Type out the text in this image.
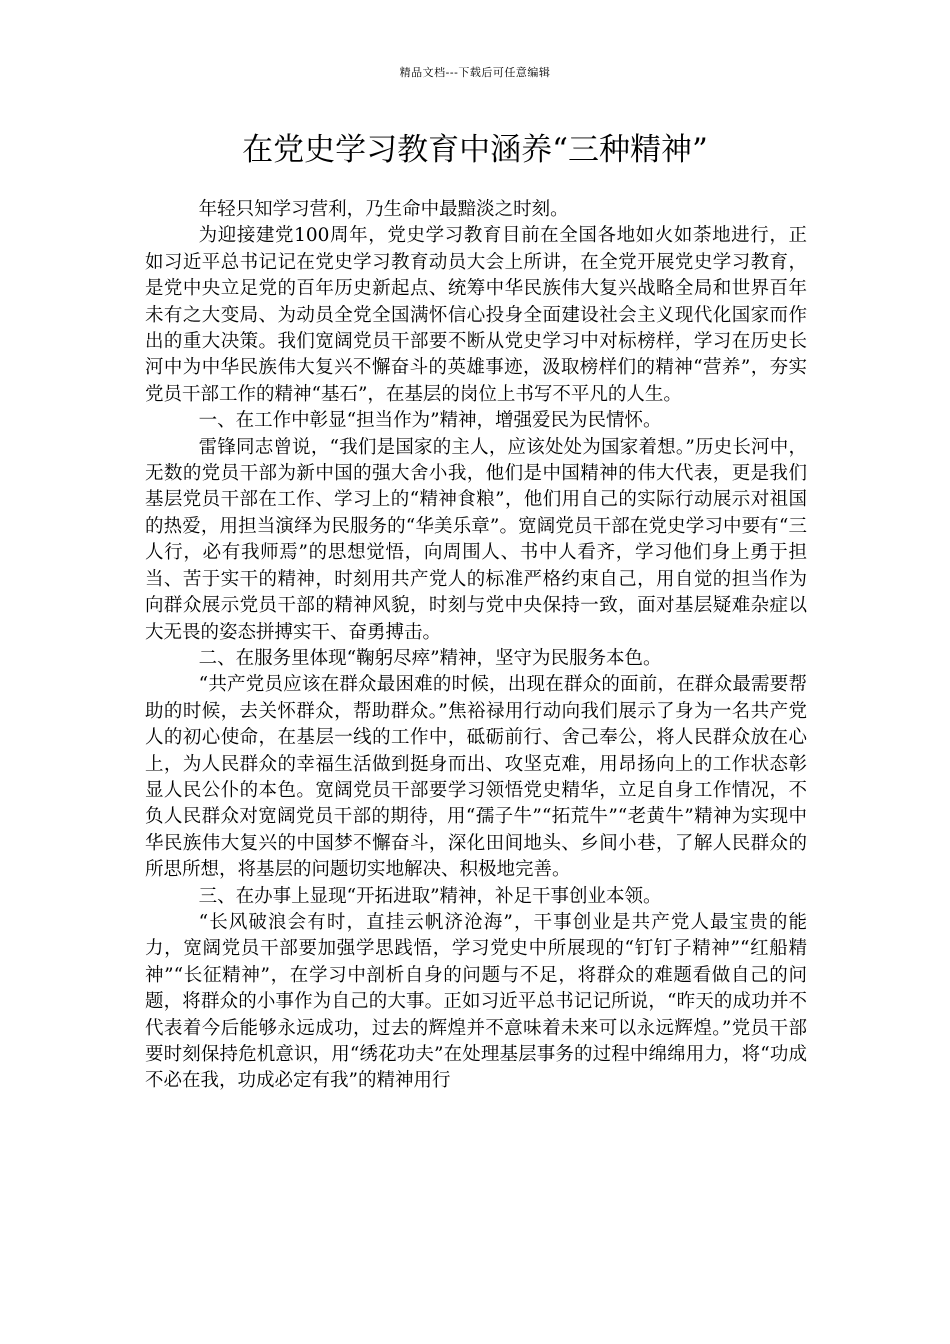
精品文档---下载后可任意编辑
在党史学习教育中涵养“三种精神”

年轻只知学习营利，乃生命中最黯淡之时刻。

为迎接建党100周年，党史学习教育目前在全国各地如火如荼地进行，正如习近平总书记记在党史学习教育动员大会上所讲，在全党开展党史学习教育，是党中央立足党的百年历史新起点、统筹中华民族伟大复兴战略全局和世界百年未有之大变局、为动员全党全国满怀信心投身全面建设社会主义现代化国家而作出的重大决策。我们宽阔党员干部要不断从党史学习中对标榜样，学习在历史长河中为中华民族伟大复兴不懈奋斗的英雄事迹，汲取榜样们的精神“营养”，夯实党员干部工作的精神“基石”，在基层的岗位上书写不平凡的人生。

一、在工作中彰显“担当作为”精神，增强爱民为民情怀。

雷锋同志曾说，“我们是国家的主人，应该处处为国家着想。”历史长河中，无数的党员干部为新中国的强大舍小我，他们是中国精神的伟大代表，更是我们基层党员干部在工作、学习上的“精神食粮”，他们用自己的实际行动展示对祖国的热爱，用担当演绎为民服务的“华美乐章”。宽阔党员干部在党史学习中要有“三人行，必有我师焉”的思想觉悟，向周围人、书中人看齐，学习他们身上勇于担当、苦于实干的精神，时刻用共产党人的标准严格约束自己，用自觉的担当作为向群众展示党员干部的精神风貌，时刻与党中央保持一致，面对基层疑难杂症以大无畏的姿态拼搏实干、奋勇搏击。

二、在服务里体现“鞠躬尽瘁”精神，坚守为民服务本色。

“共产党员应该在群众最困难的时候，出现在群众的面前，在群众最需要帮助的时候，去关怀群众，帮助群众。”焦裕禄用行动向我们展示了身为一名共产党人的初心使命，在基层一线的工作中，砥砺前行、舍己奉公，将人民群众放在心上，为人民群众的幸福生活做到挺身而出、攻坚克难，用昂扬向上的工作状态彰显人民公仆的本色。宽阔党员干部要学习领悟党史精华，立足自身工作情况，不负人民群众对宽阔党员干部的期待，用“孺子牛”“拓荒牛”“老黄牛”精神为实现中华民族伟大复兴的中国梦不懈奋斗，深化田间地头、乡间小巷，了解人民群众的所思所想，将基层的问题切实地解决、积极地完善。

三、在办事上显现“开拓进取”精神，补足干事创业本领。

“长风破浪会有时，直挂云帆济沧海”，干事创业是共产党人最宝贵的能力，宽阔党员干部要加强学思践悟，学习党史中所展现的“钉钉子精神”“红船精神”“长征精神”，在学习中剖析自身的问题与不足，将群众的难题看做自己的问题，将群众的小事作为自己的大事。正如习近平总书记记所说，“昨天的成功并不代表着今后能够永远成功，过去的辉煌并不意味着未来可以永远辉煌。”党员干部要时刻保持危机意识，用“绣花功夫”在处理基层事务的过程中绵绵用力，将“功成不必在我，功成必定有我”的精神用行
